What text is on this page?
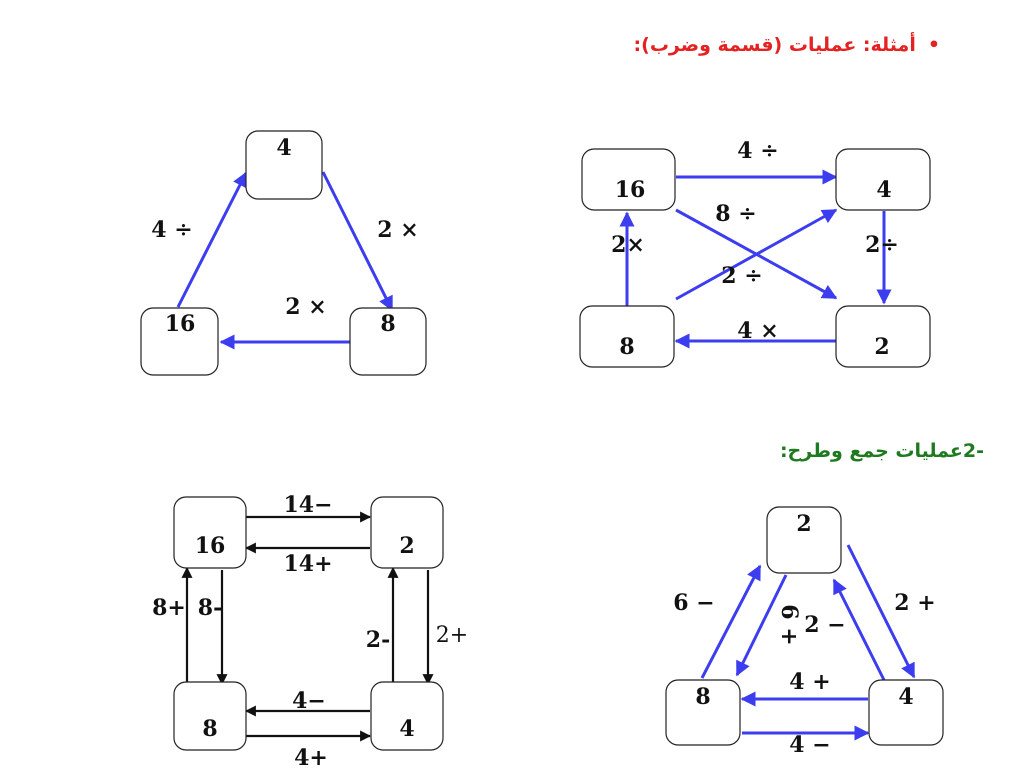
•أمثلة: عمليات (قسمة وضرب):
-2عمليات جمع وطرح:
4
16	8
2 ×
2 ×
4 ÷
16	4
8	2
4 ÷
2÷
4 ×
2×
8 ÷
2 ÷
16	2
8	4
14−
14+
2+
2-
4−
4+
8+ 8-
2
8	4
2 +
2 −
4 +
4 −
6 −
6 +
